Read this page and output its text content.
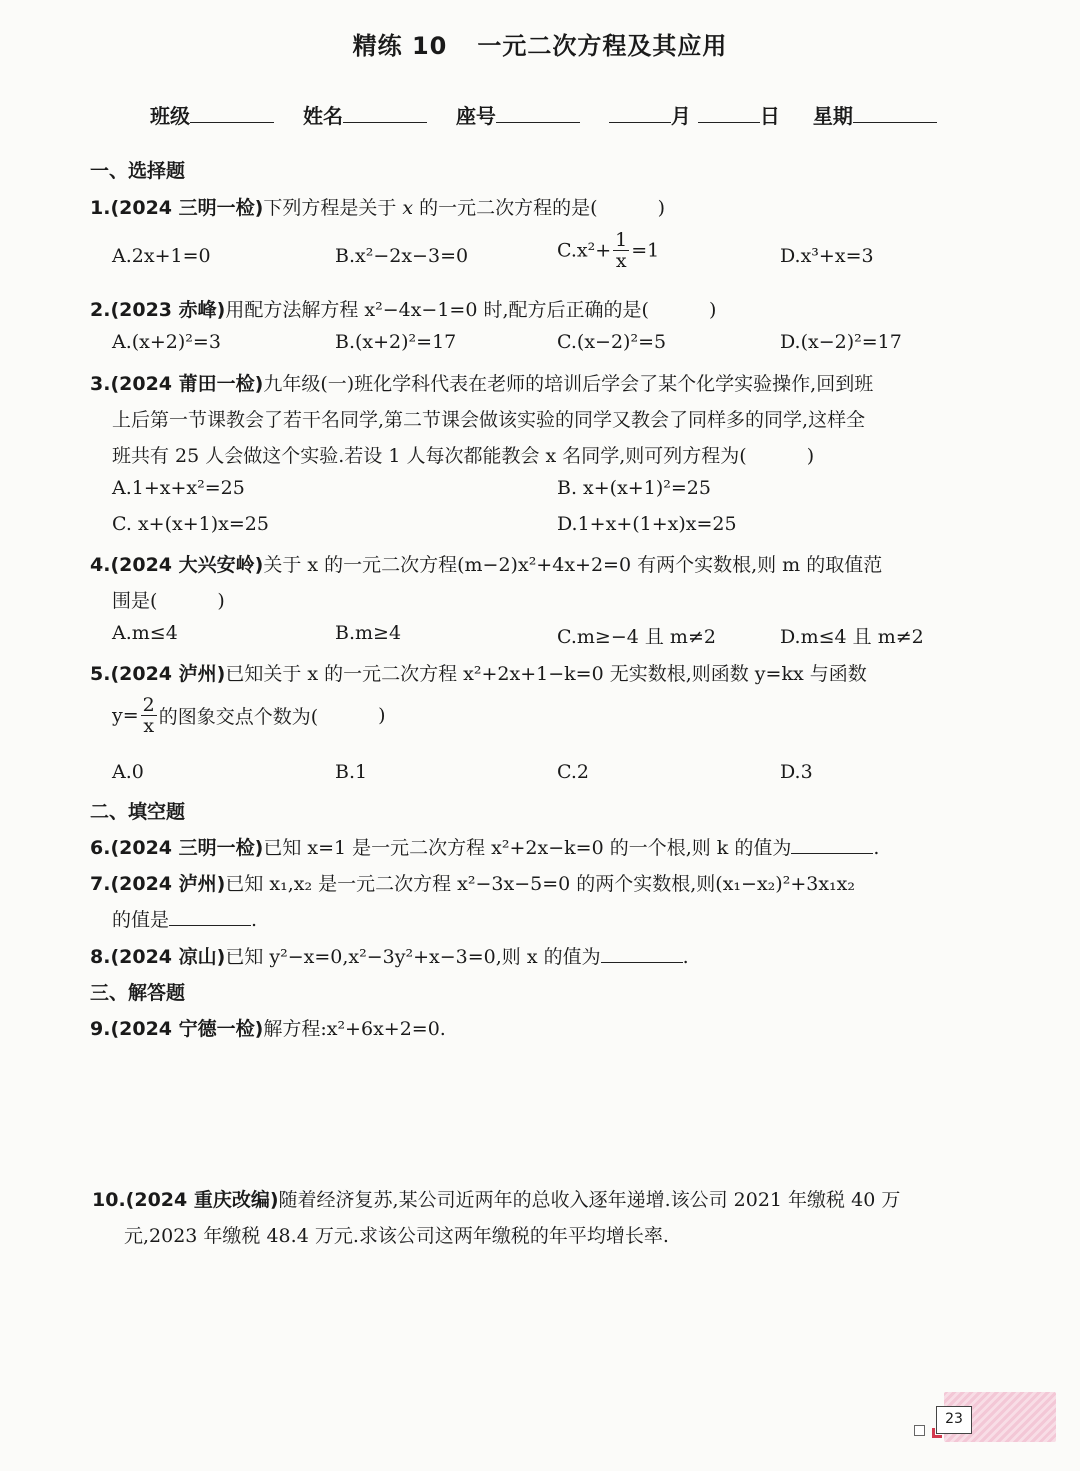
精练 10 一元二次方程及其应用
班级	姓名	座号	月	日 星期
一、选择题
1.(2024 三明一检)下列方程是关于 x 的一元二次方程的是(	)
A.2x+1=0	B.x²−2x−3=0	$C.x^2+ \frac{1}{x} =1$	D.x³+x=3
2.(2023 赤峰)用配方法解方程 x²−4x−1=0 时,配方后正确的是(	)
A.(x+2)²=3	B.(x+2)²=17	C.(x−2)²=5	D.(x−2)²=17
3.(2024 莆田一检)九年级(一)班化学科代表在老师的培训后学会了某个化学实验操作,回到班
上后第一节课教会了若干名同学,第二节课会做该实验的同学又教会了同样多的同学,这样全
班共有 25 人会做这个实验.若设 1 人每次都能教会 x 名同学,则可列方程为(	)
A.1+x+x²=25	B. x+(x+1)²=25
C. x+(x+1)x=25	D.1+x+(1+x)x=25
4.(2024 大兴安岭)关于 x 的一元二次方程(m−2)x²+4x+2=0 有两个实数根,则 m 的取值范
围是(	)
A.m≤4	B.m≥4	C.m≥−4 且 m≠2	D.m≤4 且 m≠2
5.(2024 泸州)已知关于 x 的一元二次方程 x²+2x+1−k=0 无实数根,则函数 y=kx 与函数
$y= \frac{2}{x}$ 的图象交点个数为(	)
A.0	B.1	C.2	D.3
二、填空题
6.(2024 三明一检)已知 x=1 是一元二次方程 x²+2x−k=0 的一个根,则 k 的值为	.
7.(2024 泸州)已知 x₁,x₂ 是一元二次方程 x²−3x−5=0 的两个实数根,则(x₁−x₂)²+3x₁x₂
的值是	.
8.(2024 凉山)已知 y²−x=0,x²−3y²+x−3=0,则 x 的值为	.
三、解答题
9.(2024 宁德一检)解方程:x²+6x+2=0.
10.(2024 重庆改编)随着经济复苏,某公司近两年的总收入逐年递增.该公司 2021 年缴税 40 万
元,2023 年缴税 48.4 万元.求该公司这两年缴税的年平均增长率.
23
